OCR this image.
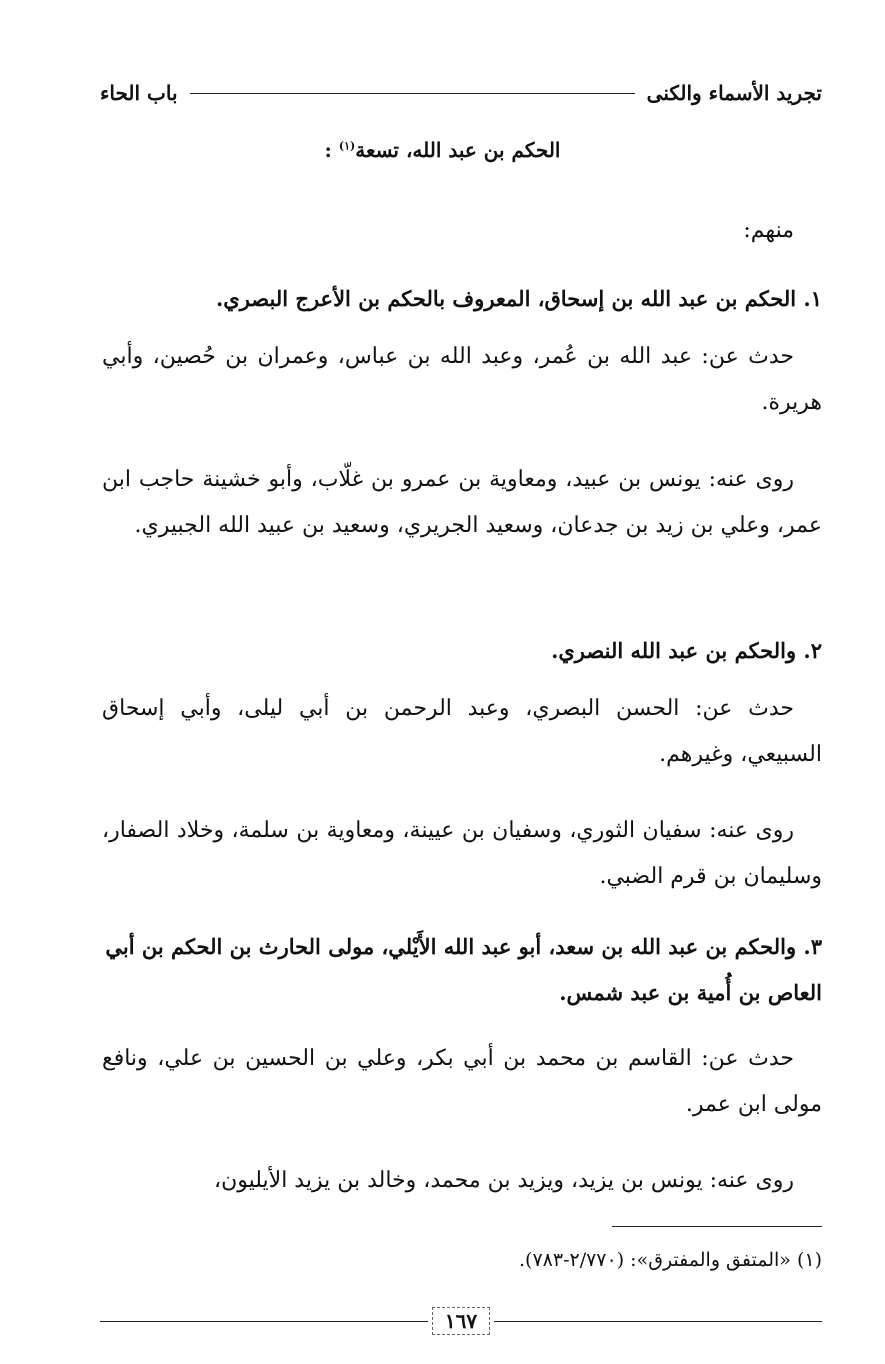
تجريد الأسماء والكنى
باب الحاء
الحكم بن عبد الله، تسعة$^{(١)}$ :
منهم:
١. الحكم بن عبد الله بن إسحاق، المعروف بالحكم بن الأعرج البصري.
حدث عن: عبد الله بن عُمر، وعبد الله بن عباس، وعمران بن حُصين، وأبي هريرة.
روى عنه: يونس بن عبيد، ومعاوية بن عمرو بن غلّاب، وأبو خشينة حاجب ابن عمر، وعلي بن زيد بن جدعان، وسعيد الجريري، وسعيد بن عبيد الله الجبيري.
٢. والحكم بن عبد الله النصري.
حدث عن: الحسن البصري، وعبد الرحمن بن أبي ليلى، وأبي إسحاق السبيعي، وغيرهم.
روى عنه: سفيان الثوري، وسفيان بن عيينة، ومعاوية بن سلمة، وخلاد الصفار، وسليمان بن قرم الضبي.
٣. والحكم بن عبد الله بن سعد، أبو عبد الله الأَيْلي، مولى الحارث بن الحكم بن أبي العاص بن أُمية بن عبد شمس.
حدث عن: القاسم بن محمد بن أبي بكر، وعلي بن الحسين بن علي، ونافع مولى ابن عمر.
روى عنه: يونس بن يزيد، ويزيد بن محمد، وخالد بن يزيد الأيليون،
(١) «المتفق والمفترق»: (٢/٧٧٠-٧٨٣).
١٦٧
